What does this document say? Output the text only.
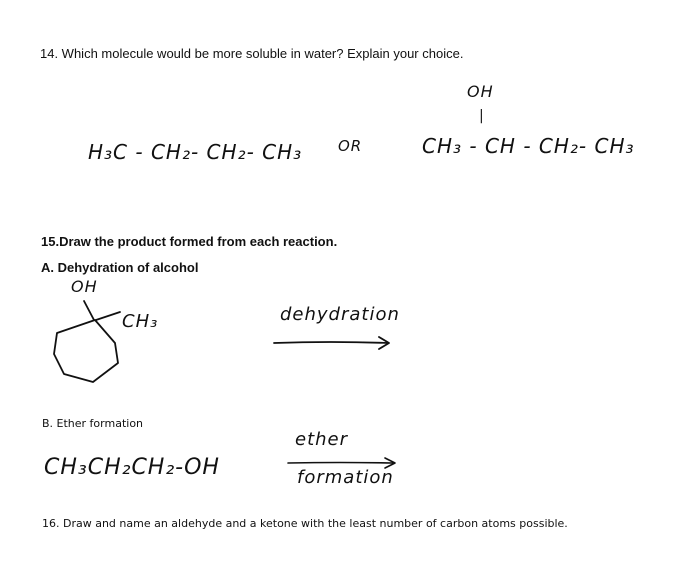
14. Which molecule would be more soluble in water? Explain your choice.
H₃C - CH₂- CH₂- CH₃ OR
OH
|
CH₃ - CH - CH₂- CH₃
15.Draw the product formed from each reaction.
A. Dehydration of alcohol
OH
CH₃	dehydration
B. Ether formation
CH₃CH₂CH₂-OH
ether
formation
16. Draw and name an aldehyde and a ketone with the least number of carbon atoms possible.
